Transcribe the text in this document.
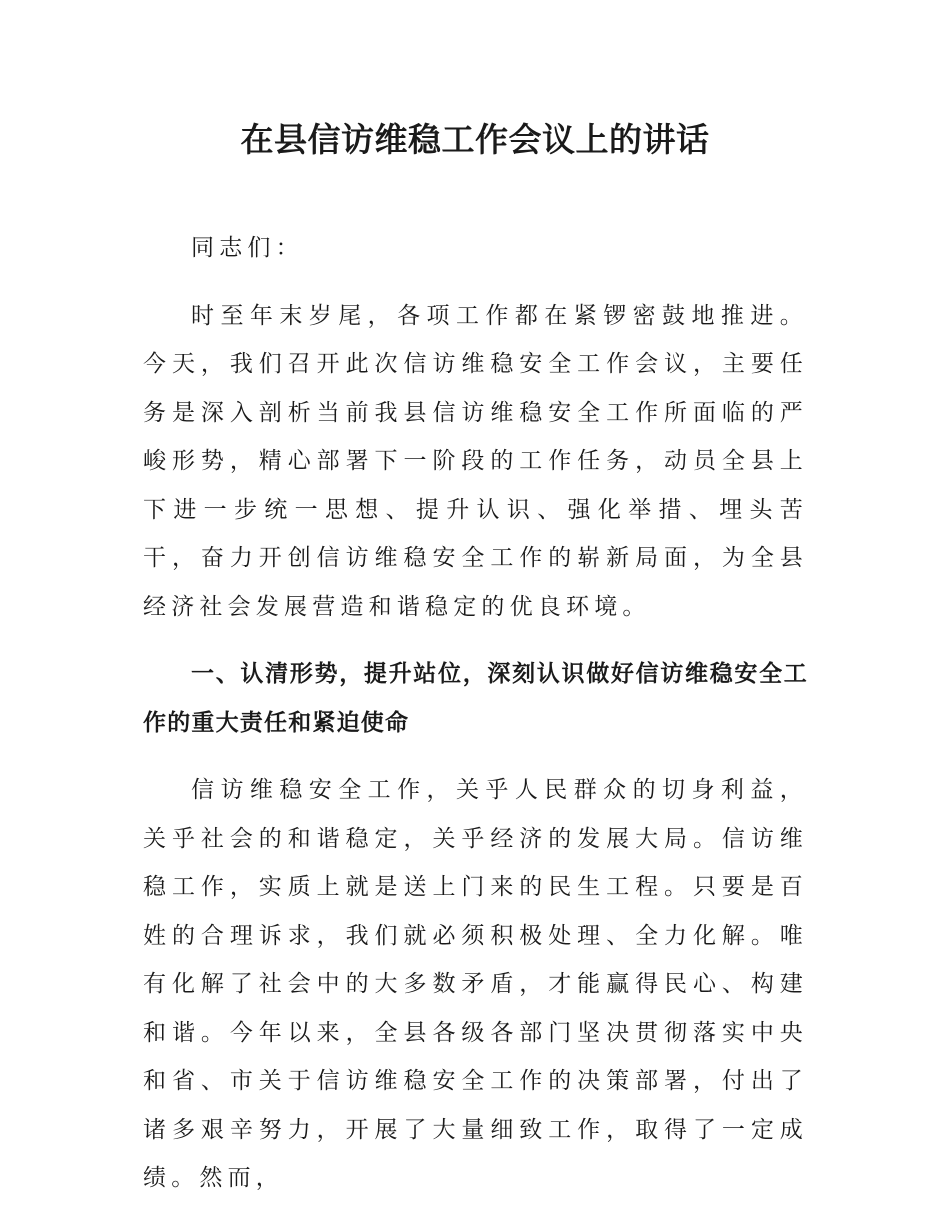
在县信访维稳工作会议上的讲话

同志们：

时至年末岁尾，各项工作都在紧锣密鼓地推进。今天，我们召开此次信访维稳安全工作会议，主要任务是深入剖析当前我县信访维稳安全工作所面临的严峻形势，精心部署下一阶段的工作任务，动员全县上下进一步统一思想、提升认识、强化举措、埋头苦干，奋力开创信访维稳安全工作的崭新局面，为全县经济社会发展营造和谐稳定的优良环境。

一、认清形势，提升站位，深刻认识做好信访维稳安全工作的重大责任和紧迫使命

信访维稳安全工作，关乎人民群众的切身利益，关乎社会的和谐稳定，关乎经济的发展大局。信访维稳工作，实质上就是送上门来的民生工程。只要是百姓的合理诉求，我们就必须积极处理、全力化解。唯有化解了社会中的大多数矛盾，才能赢得民心、构建和谐。今年以来，全县各级各部门坚决贯彻落实中央和省、市关于信访维稳安全工作的决策部署，付出了诸多艰辛努力，开展了大量细致工作，取得了一定成绩。然而，
